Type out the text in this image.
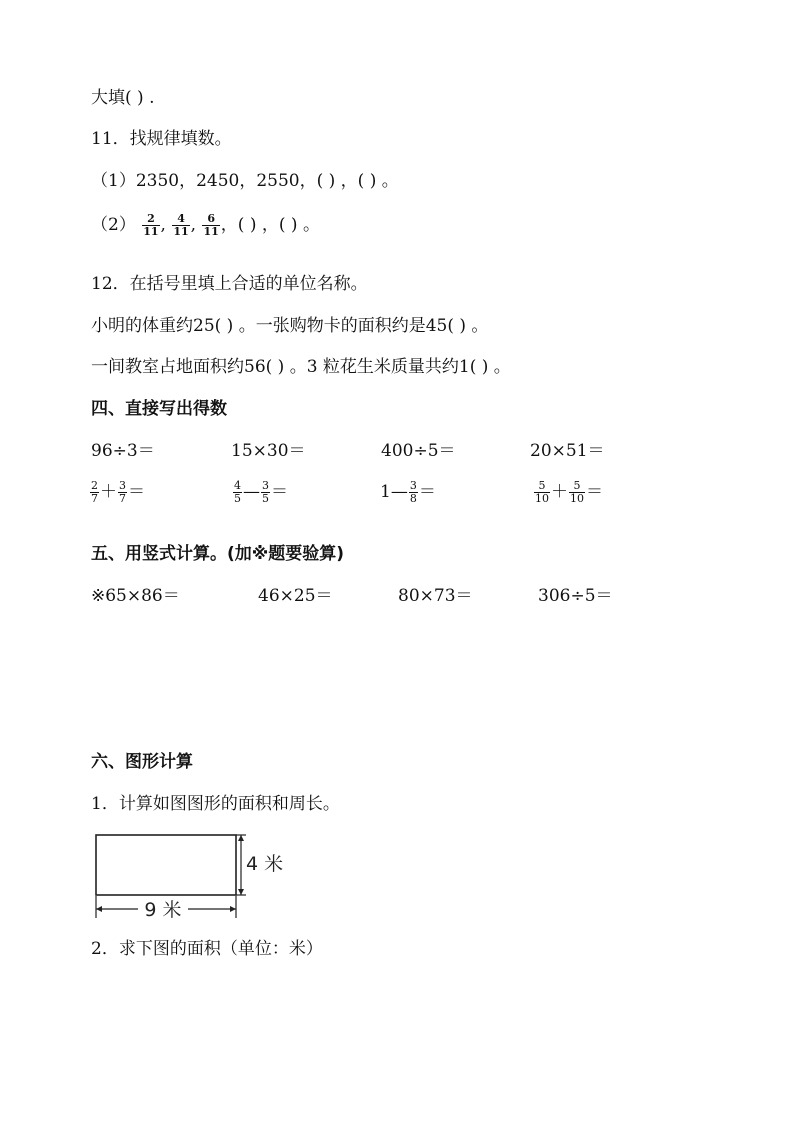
大填( ) .
11．找规律填数。
（1）2350，2450，2550，( ) ，( ) 。
$(2) \frac{2}{11}$ , $\frac{4}{11}$ , $\frac{6}{11}$ ，( ) ，( ) 。
12．在括号里填上合适的单位名称。
小明的体重约25( ) 。一张购物卡的面积约是45( ) 。
一间教室占地面积约56( ) 。3 粒花生米质量共约1( ) 。
四、直接写出得数
96÷3＝	15×30＝	400÷5＝	20×51＝
$\frac{2}{7} + \frac{3}{7}$ ＝	$\frac{4}{5}$ — $\frac{3}{5}$ ＝	1— $\frac{3}{8}$ ＝	$\frac{5}{10} + \frac{5}{10}$ ＝
五、用竖式计算。(加※题要验算)
※65×86＝	46×25＝	80×73＝	306÷5＝
六、图形计算
1．计算如图图形的面积和周长。
4 米
9 米
2．求下图的面积（单位：米）
